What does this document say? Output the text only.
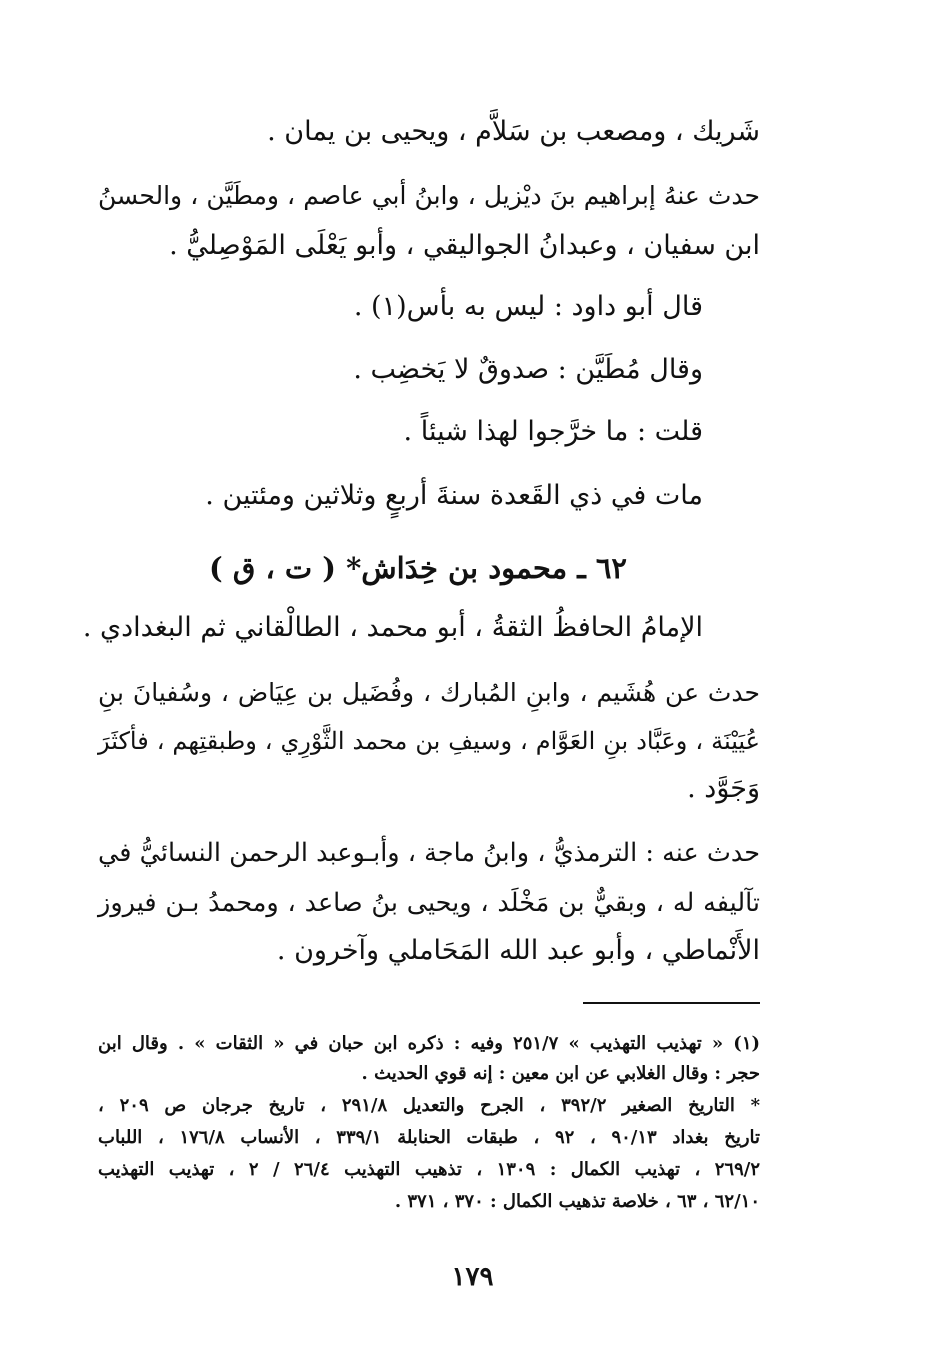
شَريك ، ومصعب بن سَلاَّم ، ويحيى بن يمان .
حدث عنهُ إبراهيم بنَ ديْزيل ، وابنُ أبي عاصم ، ومطَيَّن ، والحسنُ
ابن سفيان ، وعبدانُ الجواليقي ، وأبو يَعْلَى المَوْصِليُّ .
قال أبو داود : ليس به بأس(١) .
وقال مُطَيَّن : صدوقٌ لا يَخضِب .
قلت : ما خرَّجوا لهذا شيئاً .
مات في ذي القَعدة سنةَ أربعٍ وثلاثين ومئتين .
٦٢ ـ محمود بن خِدَاش* ( ت ، ق )
الإمامُ الحافظُ الثقةُ ، أبو محمد ، الطالْقاني ثم البغدادي .
حدث عن هُشَيم ، وابنِ المُبارك ، وفُضَيل بن عِيَاض ، وسُفيانَ بنِ
عُيَيْنَة ، وعَبَّاد بنِ العَوَّام ، وسيفِ بن محمد الثَّوْرِي ، وطبقتِهم ، فأكثَرَ
وَجَوَّد .
حدث عنه : الترمذيُّ ، وابنُ ماجة ، وأبـوعبد الرحمن النسائيُّ في
تآليفه له ، وبقيٌّ بن مَخْلَد ، ويحيى بنُ صاعد ، ومحمدُ بـن فيروز
الأَنْماطي ، وأبو عبد الله المَحَاملي وآخرون .
(١) « تهذيب التهذيب » ٢٥١/٧ وفيه : ذكره ابن حبان في « الثقات » . وقال ابن
حجر : وقال الغلابي عن ابن معين : إنه قوي الحديث .
* التاريخ الصغير ٣٩٢/٢ ، الجرح والتعديل ٢٩١/٨ ، تاريخ جرجان ص ٢٠٩ ،
تاريخ بغداد ٩٠/١٣ ، ٩٢ ، طبقات الحنابلة ٣٣٩/١ ، الأنساب ١٧٦/٨ ، اللباب
٢٦٩/٢ ، تهذيب الكمال : ١٣٠٩ ، تذهيب التهذيب ٢٦/٤ / ٢ ، تهذيب التهذيب
٦٢/١٠ ، ٦٣ ، خلاصة تذهيب الكمال : ٣٧٠ ، ٣٧١ .
١٧٩
